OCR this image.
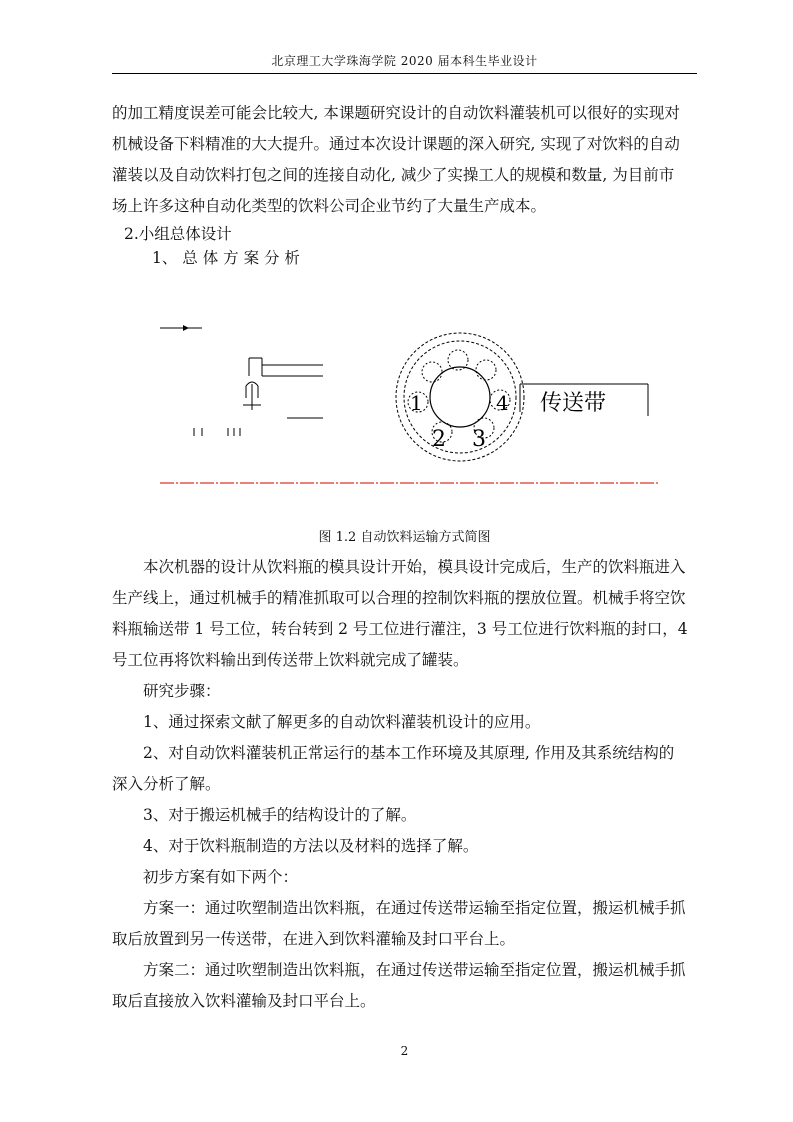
北京理工大学珠海学院 2020 届本科生毕业设计
的加工精度误差可能会比较大, 本课题研究设计的自动饮料灌装机可以很好的实现对
机械设备下料精准的大大提升。通过本次设计课题的深入研究, 实现了对饮料的自动
灌装以及自动饮料打包之间的连接自动化, 减少了实操工人的规模和数量, 为目前市
场上许多这种自动化类型的饮料公司企业节约了大量生产成本。
2.小组总体设计
1、 总 体 方 案 分 析
1
2 3
4 传送带
图 1.2 自动饮料运输方式简图
本次机器的设计从饮料瓶的模具设计开始，模具设计完成后，生产的饮料瓶进入
生产线上，通过机械手的精准抓取可以合理的控制饮料瓶的摆放位置。机械手将空饮
料瓶输送带 1 号工位，转台转到 2 号工位进行灌注，3 号工位进行饮料瓶的封口，4
号工位再将饮料输出到传送带上饮料就完成了罐装。
研究步骤：
1、通过探索文献了解更多的自动饮料灌装机设计的应用。
2、对自动饮料灌装机正常运行的基本工作环境及其原理, 作用及其系统结构的
深入分析了解。
3、对于搬运机械手的结构设计的了解。
4、对于饮料瓶制造的方法以及材料的选择了解。
初步方案有如下两个：
方案一：通过吹塑制造出饮料瓶，在通过传送带运输至指定位置，搬运机械手抓
取后放置到另一传送带，在进入到饮料灌输及封口平台上。
方案二：通过吹塑制造出饮料瓶，在通过传送带运输至指定位置，搬运机械手抓
取后直接放入饮料灌输及封口平台上。
2
